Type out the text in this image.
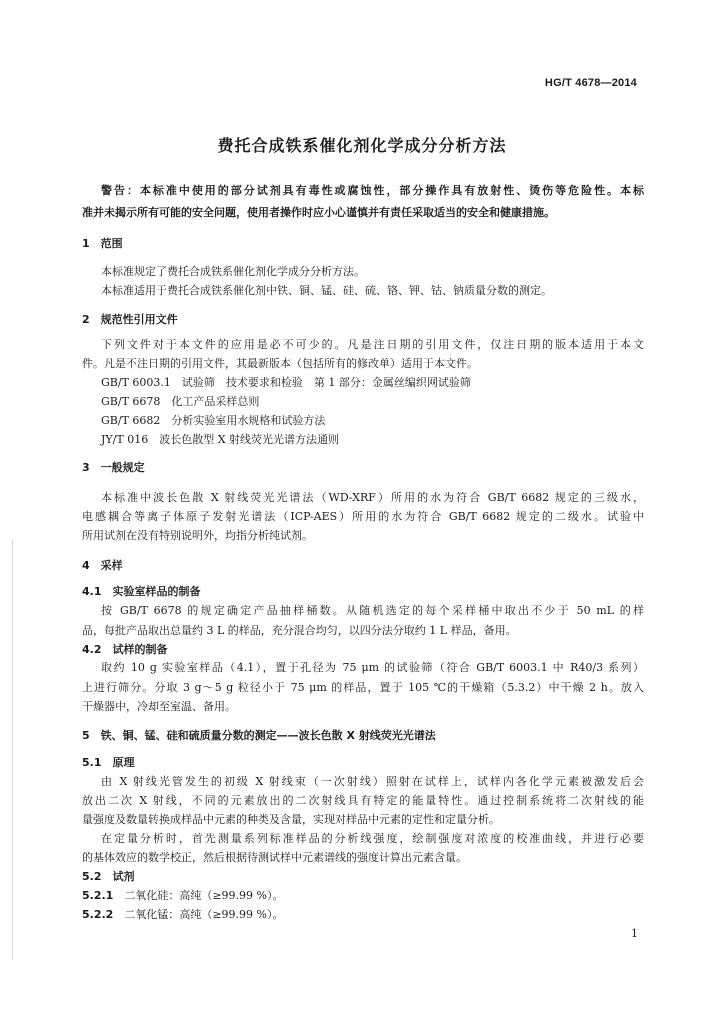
HG/T 4678—2014
费托合成铁系催化剂化学成分分析方法
警告：本标准中使用的部分试剂具有毒性或腐蚀性，部分操作具有放射性、烫伤等危险性。本标
准并未揭示所有可能的安全问题，使用者操作时应小心谨慎并有责任采取适当的安全和健康措施。
1　范围
本标准规定了费托合成铁系催化剂化学成分分析方法。
本标准适用于费托合成铁系催化剂中铁、铜、锰、硅、硫、铬、钾、钴、钠质量分数的测定。
2　规范性引用文件
下列文件对于本文件的应用是必不可少的。凡是注日期的引用文件，仅注日期的版本适用于本文
件。凡是不注日期的引用文件，其最新版本（包括所有的修改单）适用于本文件。
GB/T 6003.1　试验筛　技术要求和检验　第 1 部分：金属丝编织网试验筛
GB/T 6678　化工产品采样总则
GB/T 6682　分析实验室用水规格和试验方法
JY/T 016　波长色散型 X 射线荧光光谱方法通则
3　一般规定
本标准中波长色散 X 射线荧光光谱法（WD-XRF）所用的水为符合 GB/T 6682 规定的三级水，
电感耦合等离子体原子发射光谱法（ICP-AES）所用的水为符合 GB/T 6682 规定的二级水。试验中
所用试剂在没有特别说明外，均指分析纯试剂。
4　采样
4.1　实验室样品的制备
按 GB/T 6678 的规定确定产品抽样桶数。从随机选定的每个采样桶中取出不少于 50 mL 的样
品，每批产品取出总量约 3 L 的样品，充分混合均匀，以四分法分取约 1 L 样品，备用。
4.2　试样的制备
取约 10 g 实验室样品（4.1），置于孔径为 75 μm 的试验筛（符合 GB/T 6003.1 中 R40/3 系列）
上进行筛分。分取 3 g～5 g 粒径小于 75 μm 的样品，置于 105 ℃的干燥箱（5.3.2）中干燥 2 h。放入
干燥器中，冷却至室温、备用。
5　铁、铜、锰、硅和硫质量分数的测定——波长色散 X 射线荧光光谱法
5.1　原理
由 X 射线光管发生的初级 X 射线束（一次射线）照射在试样上，试样内各化学元素被激发后会
放出二次 X 射线，不同的元素放出的二次射线具有特定的能量特性。通过控制系统将二次射线的能
量强度及数量转换成样品中元素的种类及含量，实现对样品中元素的定性和定量分析。
在定量分析时，首先测量系列标准样品的分析线强度，绘制强度对浓度的校准曲线，并进行必要
的基体效应的数学校正，然后根据待测试样中元素谱线的强度计算出元素含量。
5.2　试剂
5.2.1　 二氧化硅：高纯（≥99.99 %）。
5.2.2　 二氧化锰：高纯（≥99.99 %）。
1
